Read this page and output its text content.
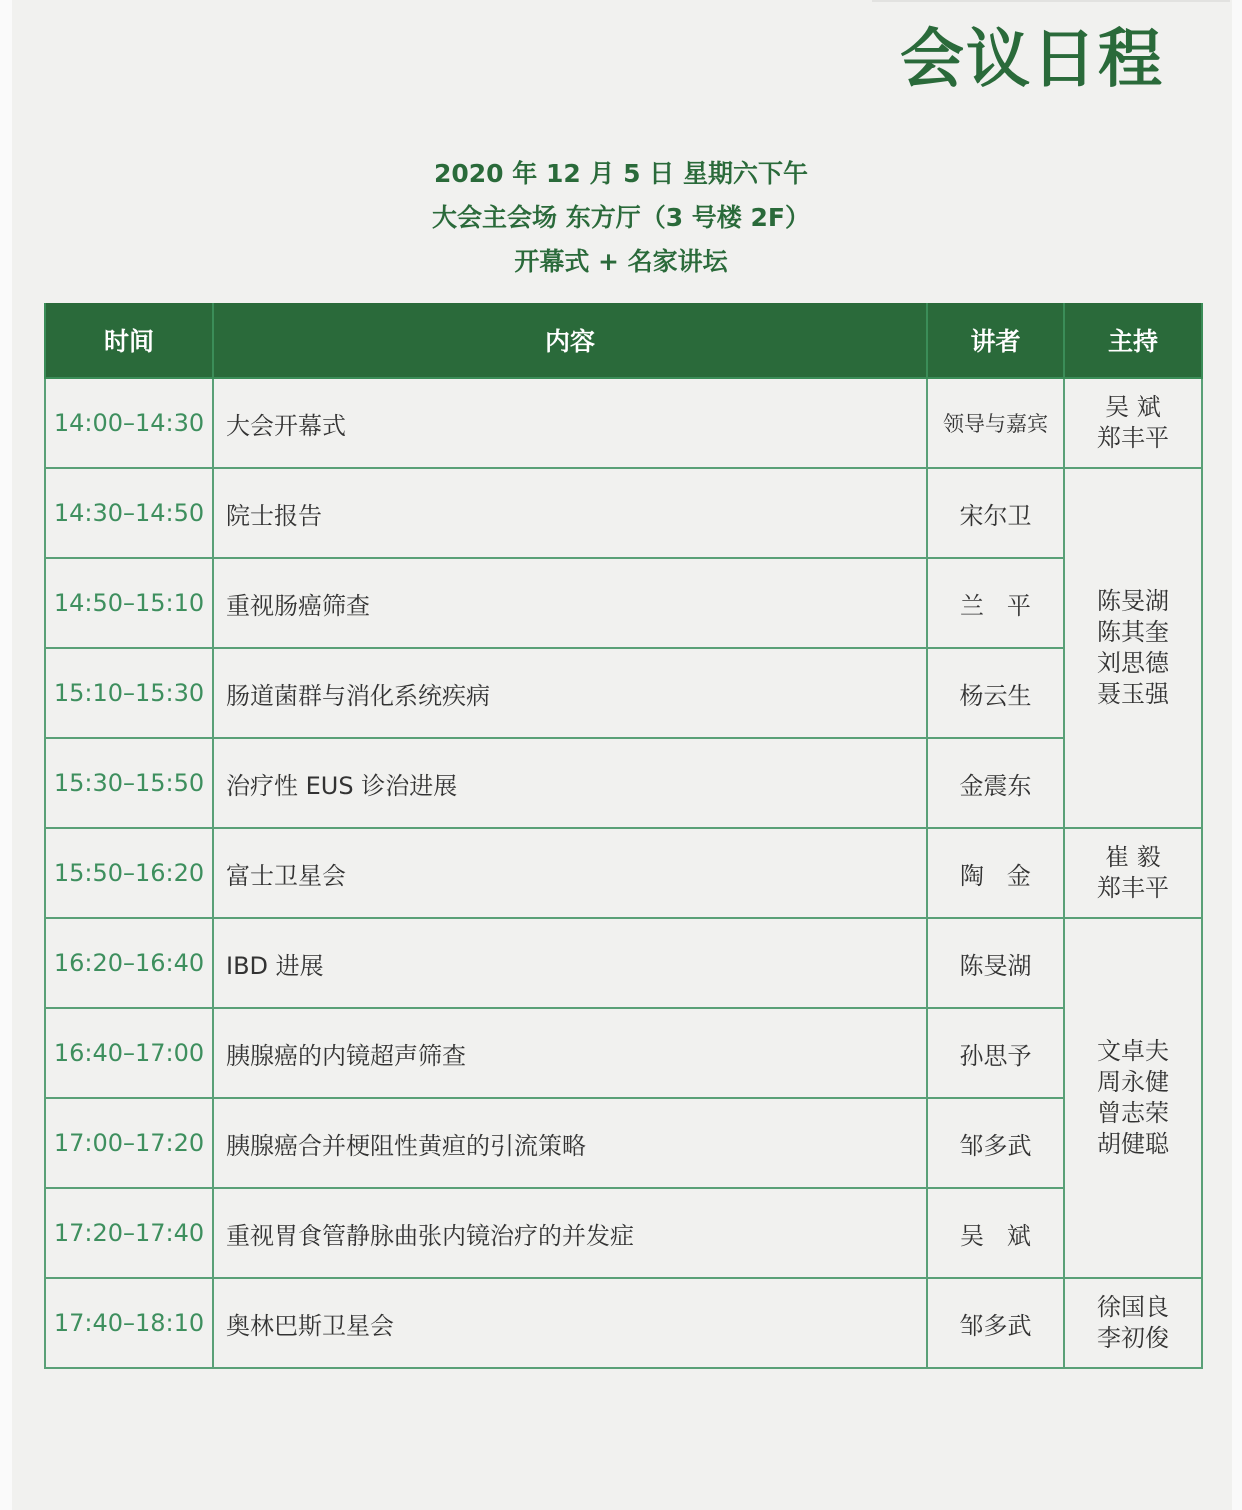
会议日程
2020 年 12 月 5 日 星期六下午
大会主会场 东方厅（3 号楼 2F）
开幕式 + 名家讲坛
时间	内容	讲者	主持
14:00–14:30	大会开幕式	领导与嘉宾	吴 斌
郑丰平
14:30–14:50	院士报告	宋尔卫	陈旻湖
陈其奎
刘思德
聂玉强
14:50–15:10	重视肠癌筛查	兰   平	
15:10–15:30	肠道菌群与消化系统疾病	杨云生	
15:30–15:50	治疗性 EUS 诊治进展	金震东	
15:50–16:20	富士卫星会	陶   金	崔 毅
郑丰平
16:20–16:40	IBD 进展	陈旻湖	文卓夫
周永健
曾志荣
胡健聪
16:40–17:00	胰腺癌的内镜超声筛查	孙思予	
17:00–17:20	胰腺癌合并梗阻性黄疸的引流策略	邹多武	
17:20–17:40	重视胃食管静脉曲张内镜治疗的并发症	吴   斌	
17:40–18:10	奥林巴斯卫星会	邹多武	徐国良
李初俊
